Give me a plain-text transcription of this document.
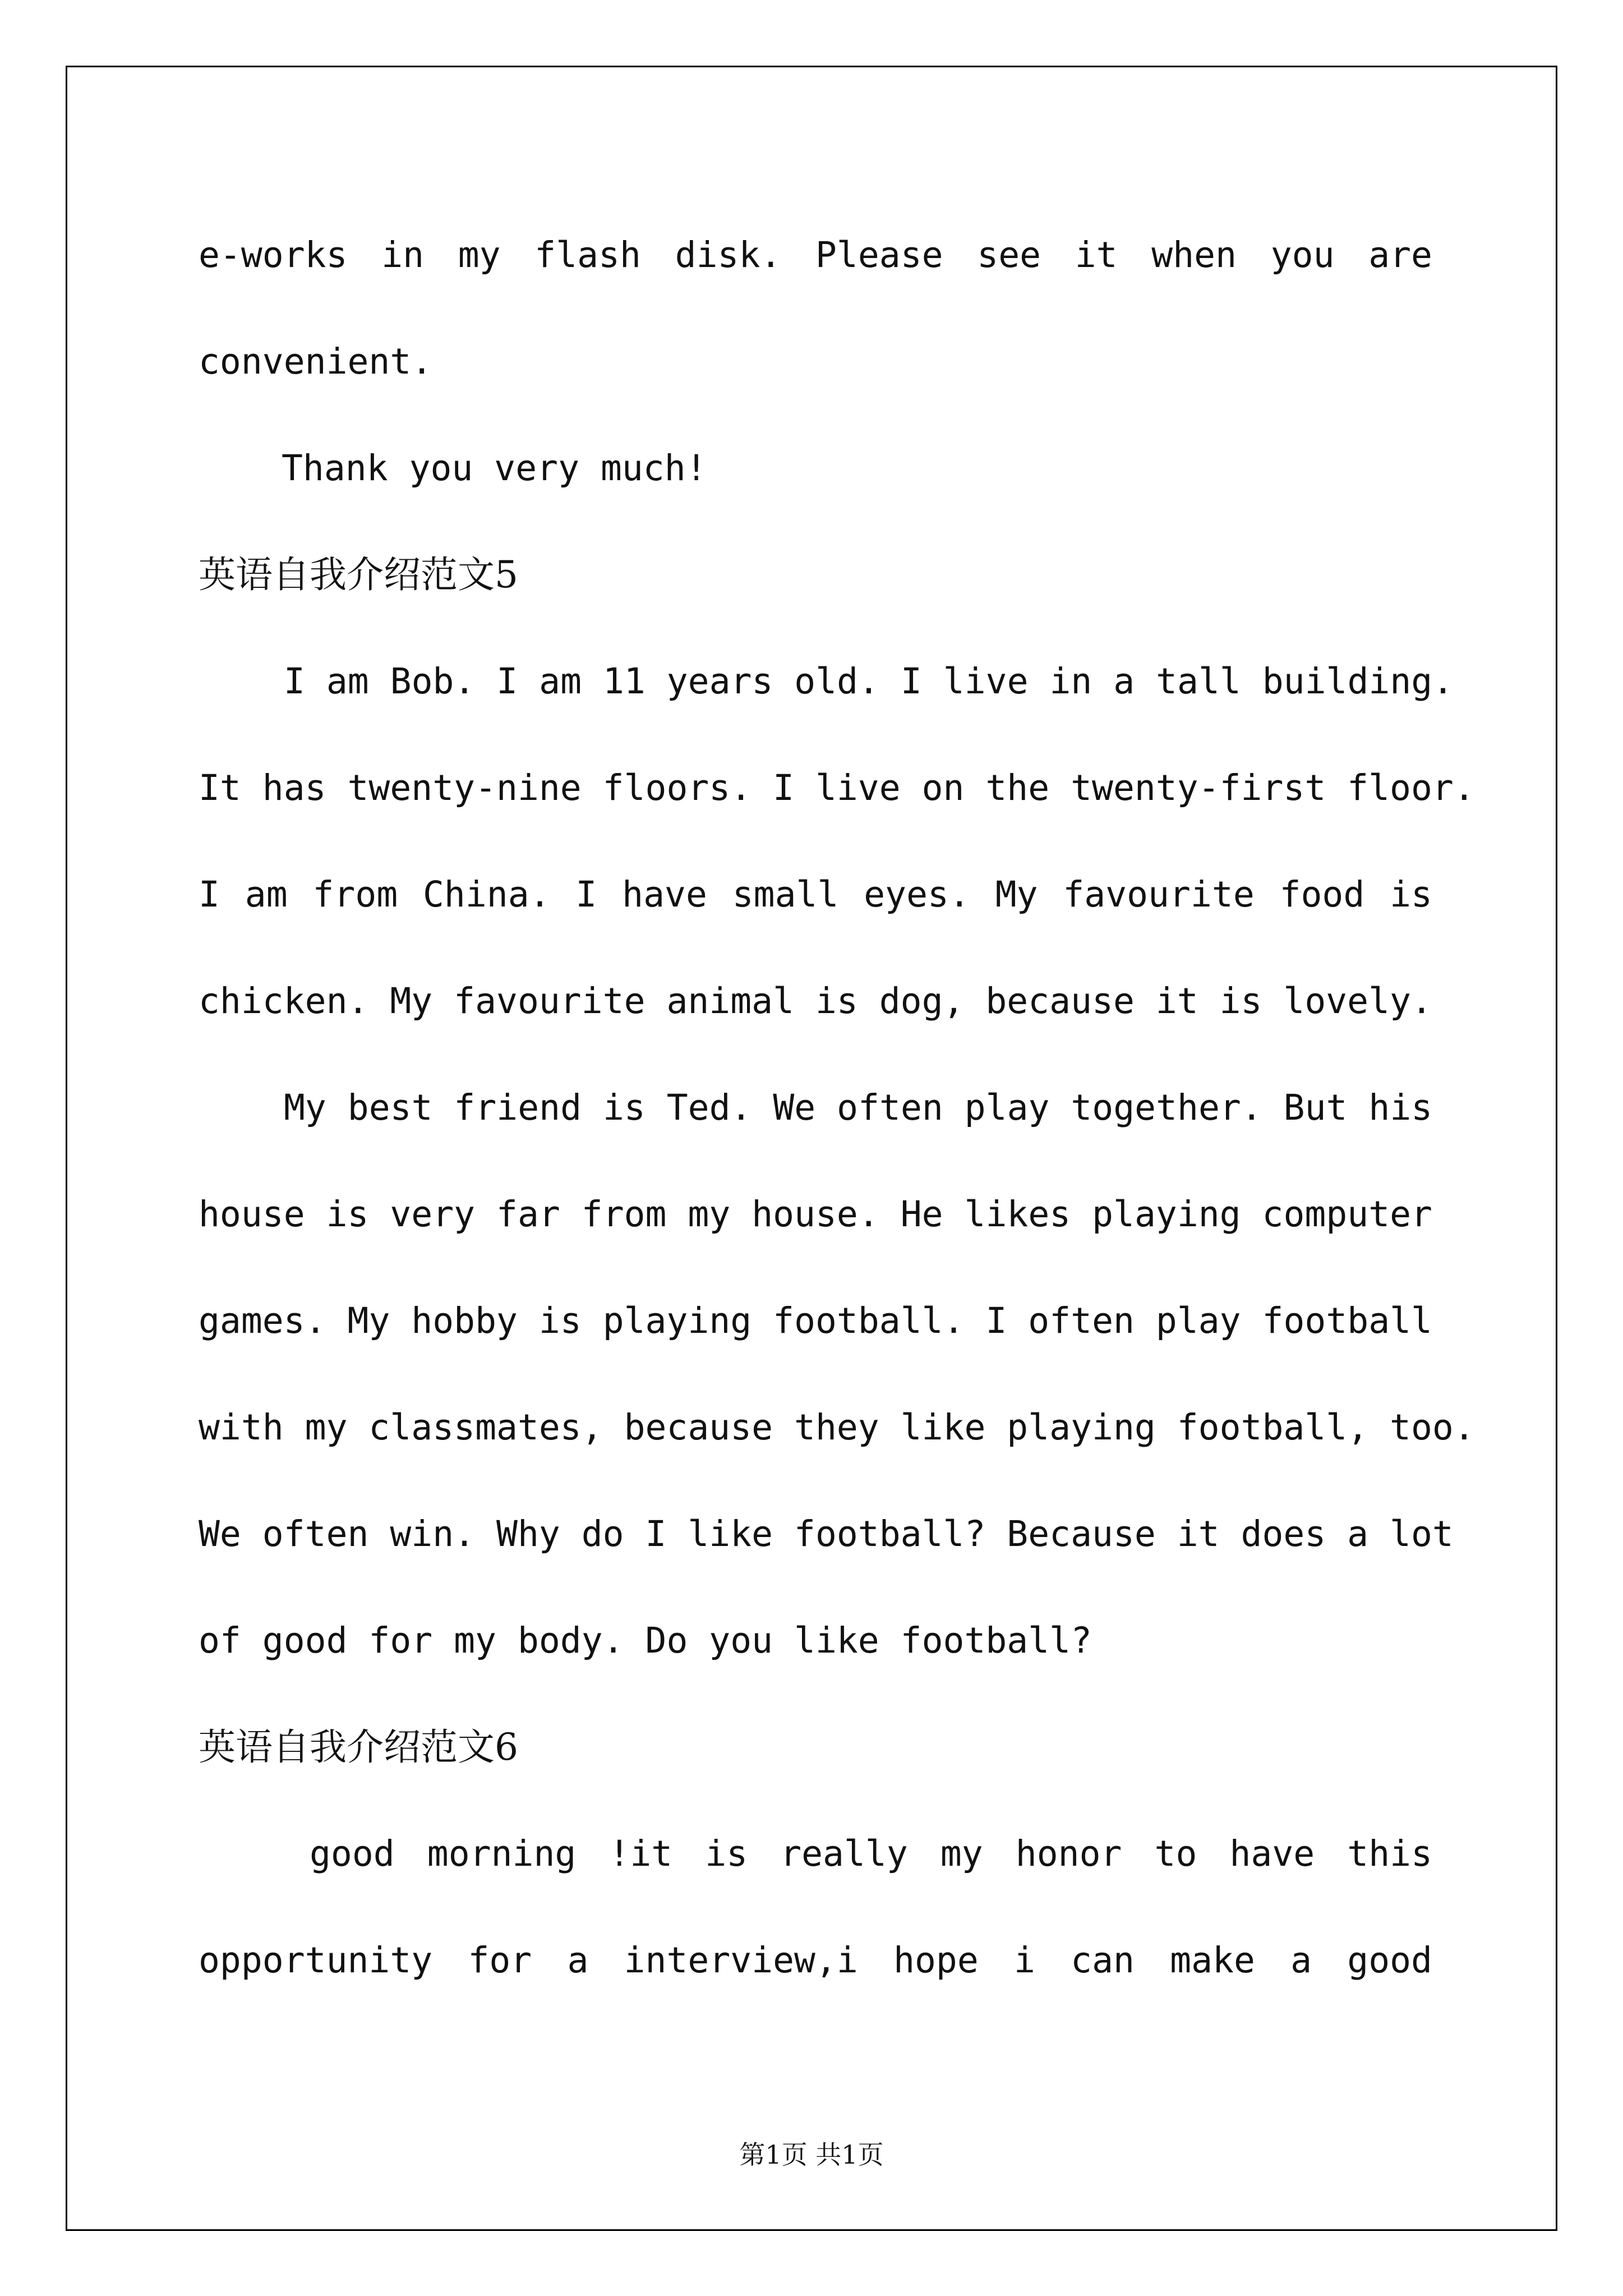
e-works in my flash disk. Please see it when you are
convenient.
Thank you very much!
英语自我介绍范文5
I am Bob. I am 11 years old. I live in a tall building.
It has twenty-nine floors. I live on the twenty-first floor.
I am from China. I have small eyes. My favourite food is
chicken. My favourite animal is dog, because it is lovely.
My best friend is Ted. We often play together. But his
house is very far from my house. He likes playing computer
games. My hobby is playing football. I often play football
with my classmates, because they like playing football, too.
We often win. Why do I like football? Because it does a lot
of good for my body. Do you like football?
英语自我介绍范文6
good morning !it is really my honor to have this
opportunity for a interview,i hope i can make a good
第1页 共1页
